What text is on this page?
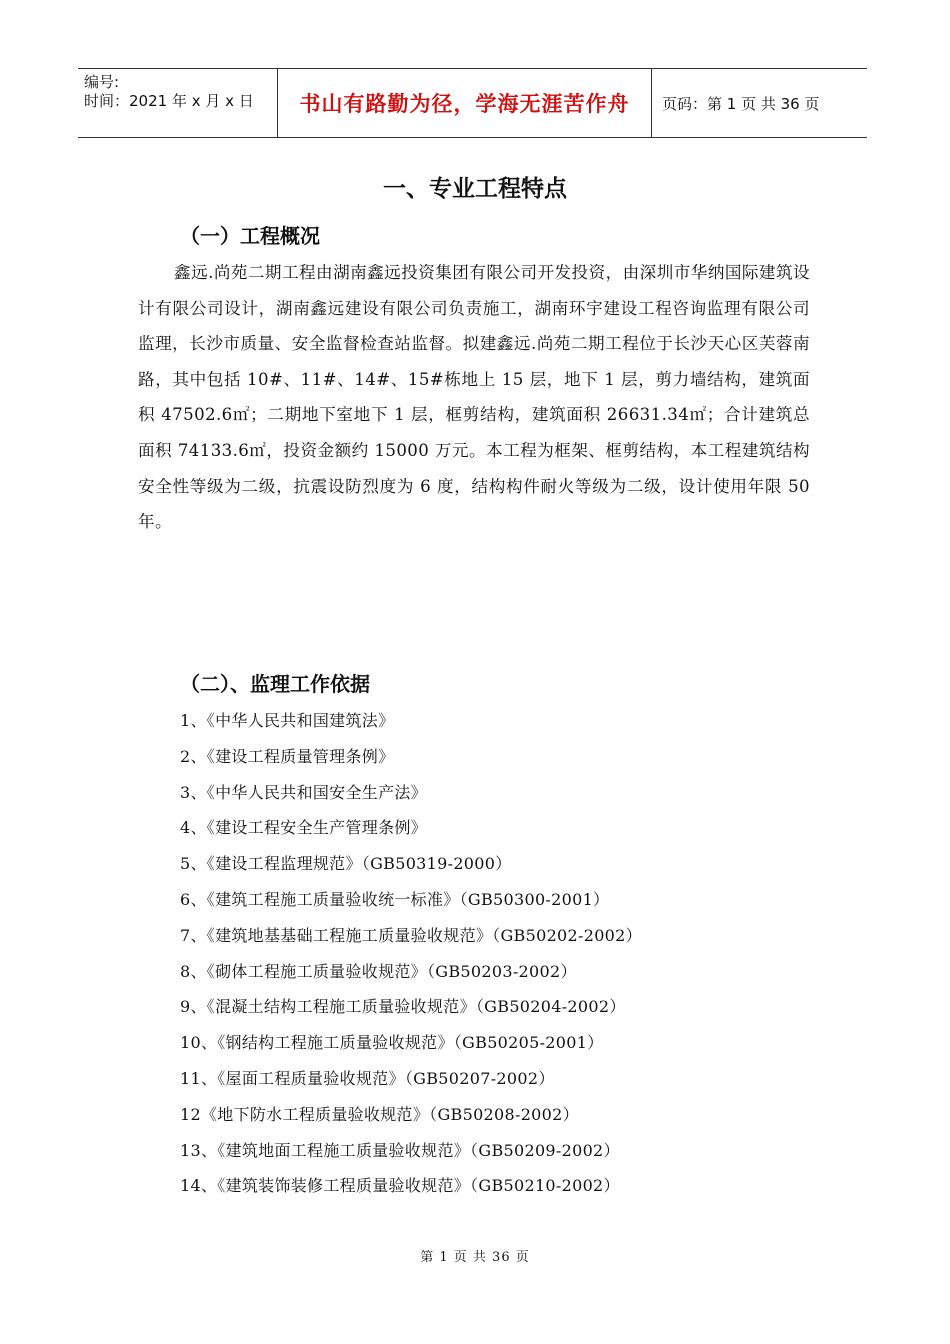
编号:
时间：2021 年 x 月 x 日	书山有路勤为径，学海无涯苦作舟	页码：第 1 页 共 36 页
一、专业工程特点
（一）工程概况
鑫远.尚苑二期工程由湖南鑫远投资集团有限公司开发投资，由深圳市华纳国际建筑设计有限公司设计，湖南鑫远建设有限公司负责施工，湖南环宇建设工程咨询监理有限公司监理，长沙市质量、安全监督检查站监督。拟建鑫远.尚苑二期工程位于长沙天心区芙蓉南路，其中包括 10#、11#、14#、15#栋地上 15 层，地下 1 层，剪力墙结构，建筑面积 47502.6㎡；二期地下室地下 1 层，框剪结构，建筑面积 26631.34㎡；合计建筑总面积 74133.6㎡，投资金额约 15000 万元。本工程为框架、框剪结构，本工程建筑结构安全性等级为二级，抗震设防烈度为 6 度，结构构件耐火等级为二级，设计使用年限 50 年。
（二）、监理工作依据
1、《中华人民共和国建筑法》
2、《建设工程质量管理条例》
3、《中华人民共和国安全生产法》
4、《建设工程安全生产管理条例》
5、《建设工程监理规范》（GB50319-2000）
6、《建筑工程施工质量验收统一标准》（GB50300-2001）
7、《建筑地基基础工程施工质量验收规范》（GB50202-2002）
8、《砌体工程施工质量验收规范》（GB50203-2002）
9、《混凝土结构工程施工质量验收规范》（GB50204-2002）
10、《钢结构工程施工质量验收规范》（GB50205-2001）
11、《屋面工程质量验收规范》（GB50207-2002）
12《地下防水工程质量验收规范》（GB50208-2002）
13、《建筑地面工程施工质量验收规范》（GB50209-2002）
14、《建筑装饰装修工程质量验收规范》（GB50210-2002）
第 1 页 共 36 页
